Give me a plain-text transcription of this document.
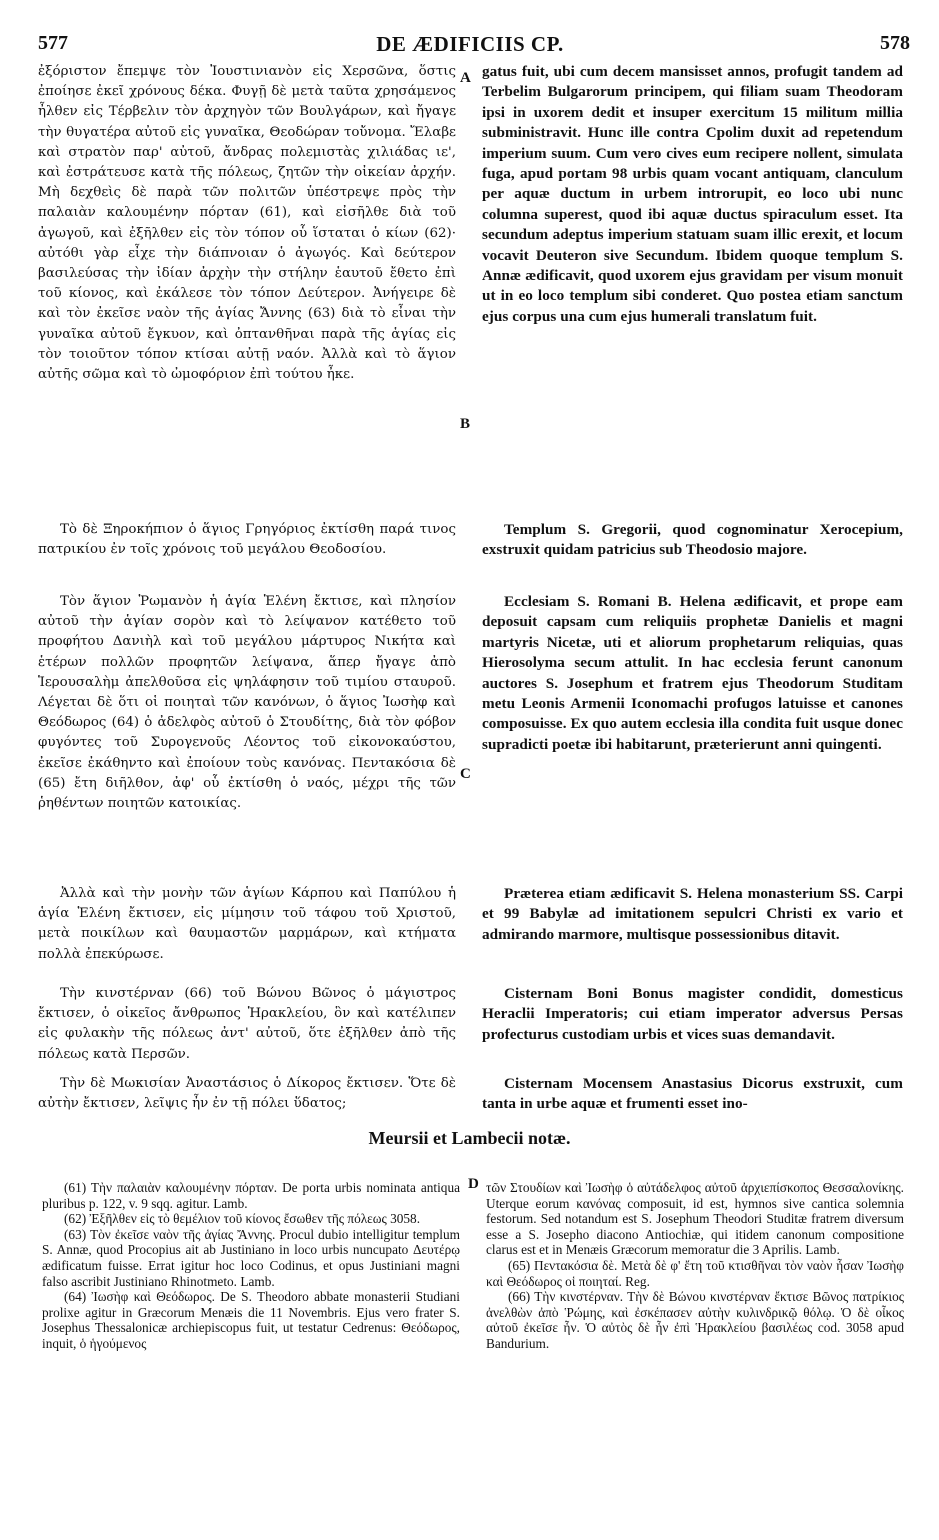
577	DE ÆDIFICIIS CP.	578

ἐξόριστον ἔπεμψε τὸν Ἰουστινιανὸν εἰς Χερσῶνα, ὅστις ἐποίησε ἐκεῖ χρόνους δέκα. Φυγῇ δὲ μετὰ ταῦτα χρησάμενος ἦλθεν εἰς Τέρβελιν τὸν ἀρχηγὸν τῶν Βουλγάρων, καὶ ἤγαγε τὴν θυγατέρα αὐτοῦ εἰς γυναῖκα, Θεοδώραν τοὔνομα. Ἔλαβε καὶ στρατὸν παρ' αὐτοῦ, ἄνδρας πολεμιστὰς χιλιάδας ιε', καὶ ἐστράτευσε κατὰ τῆς πόλεως, ζητῶν τὴν οἰκείαν ἀρχήν. Μὴ δεχθεὶς δὲ παρὰ τῶν πολιτῶν ὑπέστρεψε πρὸς τὴν παλαιὰν καλουμένην πόρταν (61), καὶ εἰσῆλθε διὰ τοῦ ἀγωγοῦ, καὶ ἐξῆλθεν εἰς τὸν τόπον οὗ ἵσταται ὁ κίων (62)· αὐτόθι γὰρ εἶχε τὴν διάπνοιαν ὁ ἀγωγός. Καὶ δεύτερον βασιλεύσας τὴν ἰδίαν ἀρχὴν τὴν στήλην ἑαυτοῦ ἔθετο ἐπὶ τοῦ κίονος, καὶ ἐκάλεσε τὸν τόπον Δεύτερον. Ἀνήγειρε δὲ καὶ τὸν ἐκεῖσε ναὸν τῆς ἁγίας Ἄννης (63) διὰ τὸ εἶναι τὴν γυναῖκα αὐτοῦ ἔγκυον, καὶ ὀπτανθῆναι παρὰ τῆς ἁγίας εἰς τὸν τοιοῦτον τόπον κτίσαι αὐτῇ ναόν. Ἀλλὰ καὶ τὸ ἅγιον αὐτῆς σῶμα καὶ τὸ ὠμοφόριον ἐπὶ τούτου ἦκε.

gatus fuit, ubi cum decem mansisset annos, profugit tandem ad Terbelim Bulgarorum principem, qui filiam suam Theodoram ipsi in uxorem dedit et insuper exercitum 15 militum millia subministravit. Hunc ille contra Cpolim duxit ad repetendum imperium suum. Cum vero cives eum recipere nollent, simulata fuga, apud portam 98 urbis quam vocant antiquam, clanculum per aquæ ductum in urbem introrupit, eo loco ubi nunc columna superest, quod ibi aquæ ductus spiraculum esset. Ita secundum adeptus imperium statuam suam illic erexit, et locum vocavit Deuteron sive Secundum. Ibidem quoque templum S. Annæ ædificavit, quod uxorem ejus gravidam per visum monuit ut in eo loco templum sibi conderet. Quo postea etiam sanctum ejus corpus una cum ejus humerali translatum fuit.

Τὸ δὲ Ξηροκήπιον ὁ ἅγιος Γρηγόριος ἐκτίσθη παρά τινος πατρικίου ἐν τοῖς χρόνοις τοῦ μεγάλου Θεοδοσίου.

Templum S. Gregorii, quod cognominatur Xerocepium, exstruxit quidam patricius sub Theodosio majore.

Τὸν ἅγιον Ῥωμανὸν ἡ ἁγία Ἑλένη ἔκτισε, καὶ πλησίον αὐτοῦ τὴν ἁγίαν σορὸν καὶ τὸ λείψανον κατέθετο τοῦ προφήτου Δανιὴλ καὶ τοῦ μεγάλου μάρτυρος Νικήτα καὶ ἑτέρων πολλῶν προφητῶν λείψανα, ἅπερ ἤγαγε ἀπὸ Ἱερουσαλὴμ ἀπελθοῦσα εἰς ψηλάφησιν τοῦ τιμίου σταυροῦ. Λέγεται δὲ ὅτι οἱ ποιηταὶ τῶν κανόνων, ὁ ἅγιος Ἰωσὴφ καὶ Θεόδωρος (64) ὁ ἀδελφὸς αὐτοῦ ὁ Στουδίτης, διὰ τὸν φόβον φυγόντες τοῦ Συρογενοῦς Λέοντος τοῦ εἰκονοκαύστου, ἐκεῖσε ἐκάθηντο καὶ ἐποίουν τοὺς κανόνας. Πεντακόσια δὲ (65) ἔτη διῆλθον, ἀφ' οὗ ἐκτίσθη ὁ ναός, μέχρι τῆς τῶν ῥηθέντων ποιητῶν κατοικίας.

Ecclesiam S. Romani B. Helena ædificavit, et prope eam deposuit capsam cum reliquiis prophetæ Danielis et magni martyris Nicetæ, uti et aliorum prophetarum reliquias, quas Hierosolyma secum attulit. In hac ecclesia ferunt canonum auctores S. Josephum et fratrem ejus Theodorum Studitam metu Leonis Armenii Iconomachi profugos latuisse et canones composuisse. Ex quo autem ecclesia illa condita fuit usque donec supradicti poetæ ibi habitarunt, præterierunt anni quingenti.

Ἀλλὰ καὶ τὴν μονὴν τῶν ἁγίων Κάρπου καὶ Παπύλου ἡ ἁγία Ἑλένη ἔκτισεν, εἰς μίμησιν τοῦ τάφου τοῦ Χριστοῦ, μετὰ ποικίλων καὶ θαυμαστῶν μαρμάρων, καὶ κτήματα πολλὰ ἐπεκύρωσε.

Præterea etiam ædificavit S. Helena monasterium SS. Carpi et 99 Babylæ ad imitationem sepulcri Christi ex vario et admirando marmore, multisque possessionibus ditavit.

Τὴν κινστέρναν (66) τοῦ Βώνου Βῶνος ὁ μάγιστρος ἔκτισεν, ὁ οἰκεῖος ἄνθρωπος Ἡρακλείου, ὃν καὶ κατέλιπεν εἰς φυλακὴν τῆς πόλεως ἀντ' αὐτοῦ, ὅτε ἐξῆλθεν ἀπὸ τῆς πόλεως κατὰ Περσῶν.

Cisternam Boni Bonus magister condidit, domesticus Heraclii Imperatoris; cui etiam imperator adversus Persas profecturus custodiam urbis et vices suas demandavit.

Τὴν δὲ Μωκισίαν Ἀναστάσιος ὁ Δίκορος ἔκτισεν. Ὅτε δὲ αὐτὴν ἔκτισεν, λεῖψις ἦν ἐν τῇ πόλει ὕδατος;

Cisternam Mocensem Anastasius Dicorus exstruxit, cum tanta in urbe aquæ et frumenti esset ino-

A
B
C
D
Meursii et Lambecii notæ.

(61) Τὴν παλαιὰν καλουμένην πόρταν. De porta urbis nominata antiqua pluribus p. 122, v. 9 sqq. agitur. Lamb.

(62) Ἐξῆλθεν εἰς τὸ θεμέλιον τοῦ κίονος ἔσωθεν τῆς πόλεως 3058.

(63) Τὸν ἐκεῖσε ναὸν τῆς ἁγίας Ἄννης. Procul dubio intelligitur templum S. Annæ, quod Procopius ait ab Justiniano in loco urbis nuncupato Δευτέρῳ ædificatum fuisse. Errat igitur hoc loco Codinus, et opus Justiniani magni falso ascribit Justiniano Rhinotmeto. Lamb.

(64) Ἰωσὴφ καὶ Θεόδωρος. De S. Theodoro abbate monasterii Studiani prolixe agitur in Græcorum Menæis die 11 Novembris. Ejus vero frater S. Josephus Thessalonicæ archiepiscopus fuit, ut testatur Cedrenus: Θεόδωρος, inquit, ὁ ἡγούμενος

τῶν Στουδίων καὶ Ἰωσὴφ ὁ αὐτάδελφος αὐτοῦ ἀρχιεπίσκοπος Θεσσαλονίκης. Uterque eorum κανόνας composuit, id est, hymnos sive cantica solemnia festorum. Sed notandum est S. Josephum Theodori Studitæ fratrem diversum esse a S. Josepho diacono Antiochiæ, qui itidem canonum compositione clarus est et in Menæis Græcorum memoratur die 3 Aprilis. Lamb.

(65) Πεντακόσια δὲ. Μετὰ δὲ φ' ἔτη τοῦ κτισθῆναι τὸν ναὸν ἦσαν Ἰωσὴφ καὶ Θεόδωρος οἱ ποιηταί. Reg.

(66) Τὴν κινστέρναν. Τὴν δὲ Βώνου κινστέρναν ἔκτισε Βῶνος πατρίκιος ἀνελθὼν ἀπὸ Ῥώμης, καὶ ἐσκέπασεν αὐτὴν κυλινδρικῷ θόλῳ. Ὁ δὲ οἶκος αὐτοῦ ἐκεῖσε ἦν. Ὁ αὐτὸς δὲ ἦν ἐπὶ Ἡρακλείου βασιλέως cod. 3058 apud Bandurium.
